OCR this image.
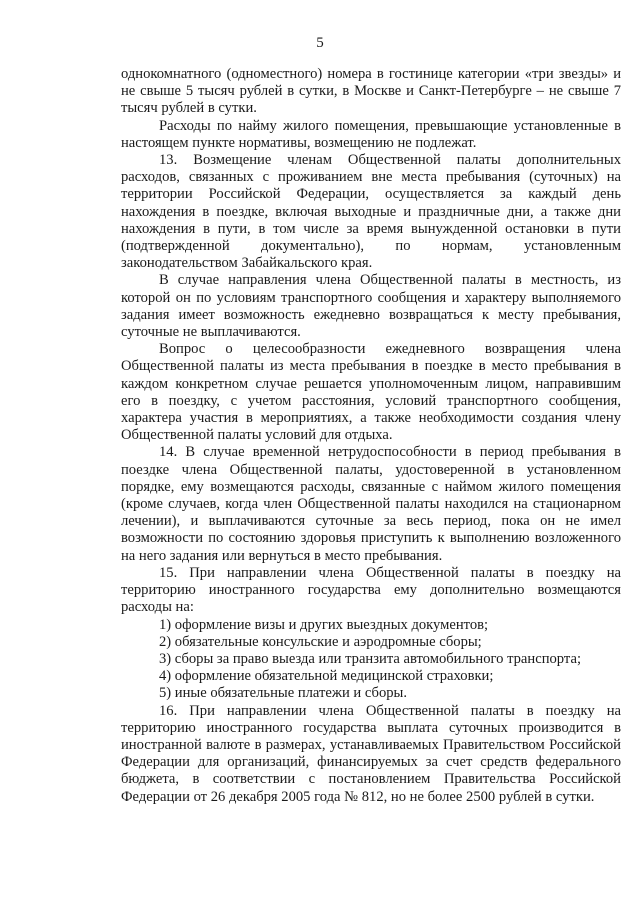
5

однокомнатного (одноместного) номера в гостинице категории «три звезды» и не свыше 5 тысяч рублей в сутки, в Москве и Санкт-Петербурге – не свыше 7 тысяч рублей в сутки.

Расходы по найму жилого помещения, превышающие установленные в настоящем пункте нормативы, возмещению не подлежат.

13. Возмещение членам Общественной палаты дополнительных расходов, связанных с проживанием вне места пребывания (суточных) на территории Российской Федерации, осуществляется за каждый день нахождения в поездке, включая выходные и праздничные дни, а также дни нахождения в пути, в том числе за время вынужденной остановки в пути (подтвержденной документально), по нормам, установленным законодательством Забайкальского края.

В случае направления члена Общественной палаты в местность, из которой он по условиям транспортного сообщения и характеру выполняемого задания имеет возможность ежедневно возвращаться к месту пребывания, суточные не выплачиваются.

Вопрос о целесообразности ежедневного возвращения члена Общественной палаты из места пребывания в поездке в место пребывания в каждом конкретном случае решается уполномоченным лицом, направившим его в поездку, с учетом расстояния, условий транспортного сообщения, характера участия в мероприятиях, а также необходимости создания члену Общественной палаты условий для отдыха.

14. В случае временной нетрудоспособности в период пребывания в поездке члена Общественной палаты, удостоверенной в установленном порядке, ему возмещаются расходы, связанные с наймом жилого помещения (кроме случаев, когда член Общественной палаты находился на стационарном лечении), и выплачиваются суточные за весь период, пока он не имел возможности по состоянию здоровья приступить к выполнению возложенного на него задания или вернуться в место пребывания.

15. При направлении члена Общественной палаты в поездку на территорию иностранного государства ему дополнительно возмещаются расходы на:

1) оформление визы и других выездных документов;
2) обязательные консульские и аэродромные сборы;
3) сборы за право выезда или транзита автомобильного транспорта;
4) оформление обязательной медицинской страховки;
5) иные обязательные платежи и сборы.

16. При направлении члена Общественной палаты в поездку на территорию иностранного государства выплата суточных производится в иностранной валюте в размерах, устанавливаемых Правительством Российской Федерации для организаций, финансируемых за счет средств федерального бюджета, в соответствии с постановлением Правительства Российской Федерации от 26 декабря 2005 года № 812, но не более 2500 рублей в сутки.
